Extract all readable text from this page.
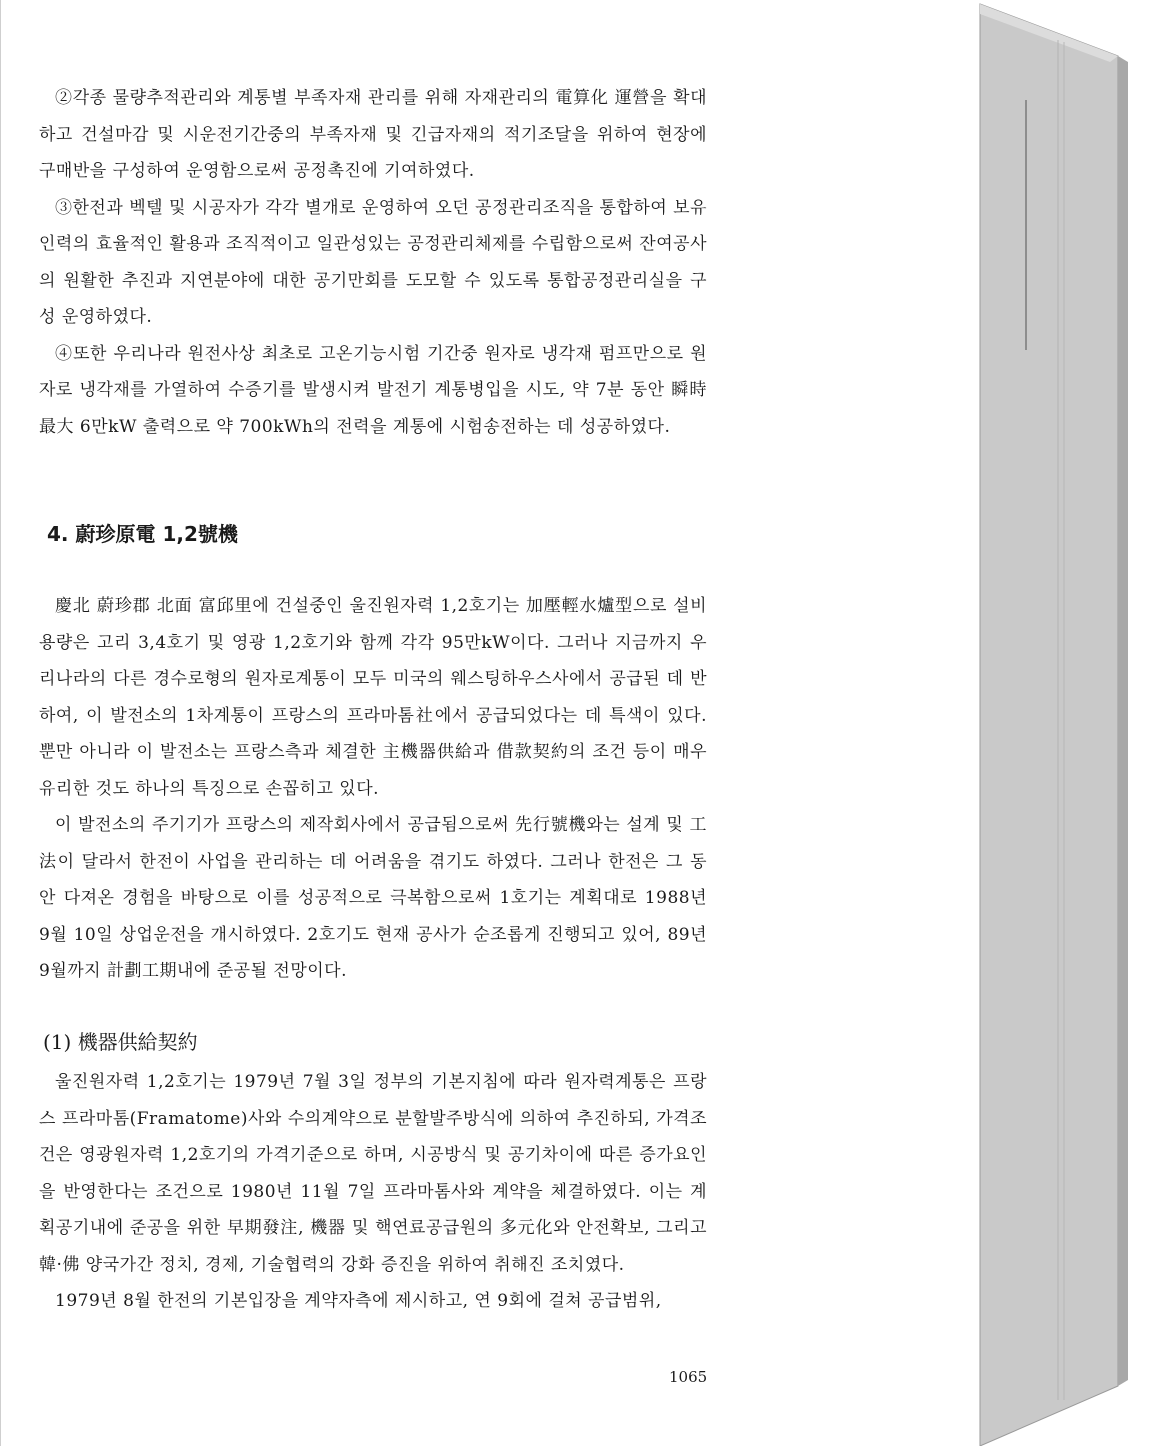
②각종 물량추적관리와 계통별 부족자재 관리를 위해 자재관리의 電算化 運營을 확대하고 건설마감 및 시운전기간중의 부족자재 및 긴급자재의 적기조달을 위하여 현장에 구매반을 구성하여 운영함으로써 공정촉진에 기여하였다.

③한전과 벡텔 및 시공자가 각각 별개로 운영하여 오던 공정관리조직을 통합하여 보유인력의 효율적인 활용과 조직적이고 일관성있는 공정관리체제를 수립함으로써 잔여공사의 원활한 추진과 지연분야에 대한 공기만회를 도모할 수 있도록 통합공정관리실을 구성 운영하였다.

④또한 우리나라 원전사상 최초로 고온기능시험 기간중 원자로 냉각재 펌프만으로 원자로 냉각재를 가열하여 수증기를 발생시켜 발전기 계통병입을 시도, 약 7분 동안 瞬時最大 6만kW 출력으로 약 700kWh의 전력을 계통에 시험송전하는 데 성공하였다.

4. 蔚珍原電 1,2號機

慶北 蔚珍郡 北面 富邱里에 건설중인 울진원자력 1,2호기는 加壓輕水爐型으로 설비용량은 고리 3,4호기 및 영광 1,2호기와 함께 각각 95만kW이다. 그러나 지금까지 우리나라의 다른 경수로형의 원자로계통이 모두 미국의 웨스팅하우스사에서 공급된 데 반하여, 이 발전소의 1차계통이 프랑스의 프라마톰社에서 공급되었다는 데 특색이 있다. 뿐만 아니라 이 발전소는 프랑스측과 체결한 主機器供給과 借款契約의 조건 등이 매우 유리한 것도 하나의 특징으로 손꼽히고 있다.

이 발전소의 주기기가 프랑스의 제작회사에서 공급됨으로써 先行號機와는 설계 및 工法이 달라서 한전이 사업을 관리하는 데 어려움을 겪기도 하였다. 그러나 한전은 그 동안 다져온 경험을 바탕으로 이를 성공적으로 극복함으로써 1호기는 계획대로 1988년 9월 10일 상업운전을 개시하였다. 2호기도 현재 공사가 순조롭게 진행되고 있어, 89년 9월까지 計劃工期내에 준공될 전망이다.

(1) 機器供給契約

울진원자력 1,2호기는 1979년 7월 3일 정부의 기본지침에 따라 원자력계통은 프랑스 프라마톰(Framatome)사와 수의계약으로 분할발주방식에 의하여 추진하되, 가격조건은 영광원자력 1,2호기의 가격기준으로 하며, 시공방식 및 공기차이에 따른 증가요인을 반영한다는 조건으로 1980년 11월 7일 프라마톰사와 계약을 체결하였다. 이는 계획공기내에 준공을 위한 早期發注, 機器 및 핵연료공급원의 多元化와 안전확보, 그리고 韓·佛 양국가간 정치, 경제, 기술협력의 강화 증진을 위하여 취해진 조치였다.

1979년 8월 한전의 기본입장을 계약자측에 제시하고, 연 9회에 걸쳐 공급범위,

1065
